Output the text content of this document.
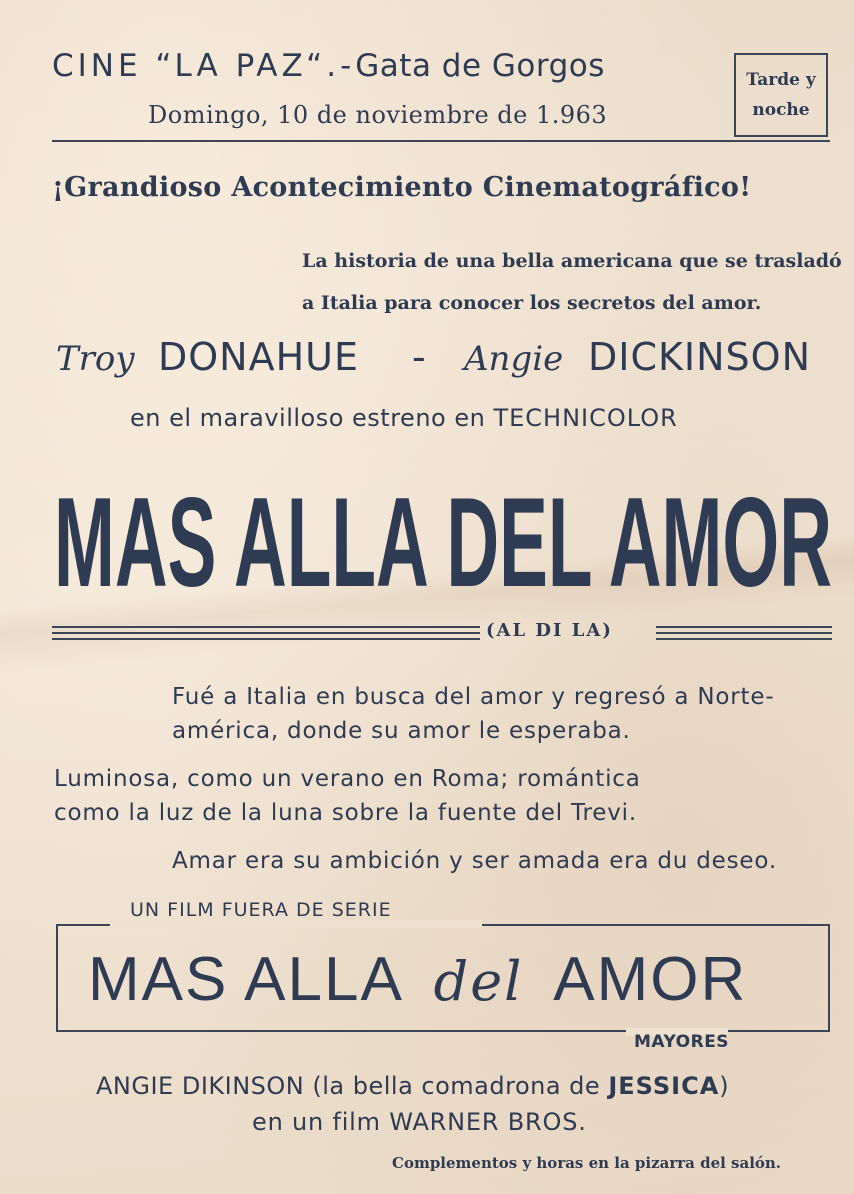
CINE “LA PAZ“.-Gata de Gorgos
Domingo, 10 de noviembre de 1.963
Tarde y
noche
¡Grandioso Acontecimiento Cinematográfico!
La historia de una bella americana que se trasladó
a Italia para conocer los secretos del amor.
Troy DONAHUE - Angie DICKINSON
en el maravilloso estreno en TECHNICOLOR
MAS ALLA DEL AMOR
(AL DI LA)
Fué a Italia en busca del amor y regresó a Norte-
américa, donde su amor le esperaba.
Luminosa, como un verano en Roma; romántica
como la luz de la luna sobre la fuente del Trevi.
Amar era su ambición y ser amada era du deseo.
UN FILM FUERA DE SERIE
MAS ALLA del AMOR
MAYORES
ANGIE DIKINSON (la bella comadrona de JESSICA)
en un film WARNER BROS.
Complementos y horas en la pizarra del salón.
